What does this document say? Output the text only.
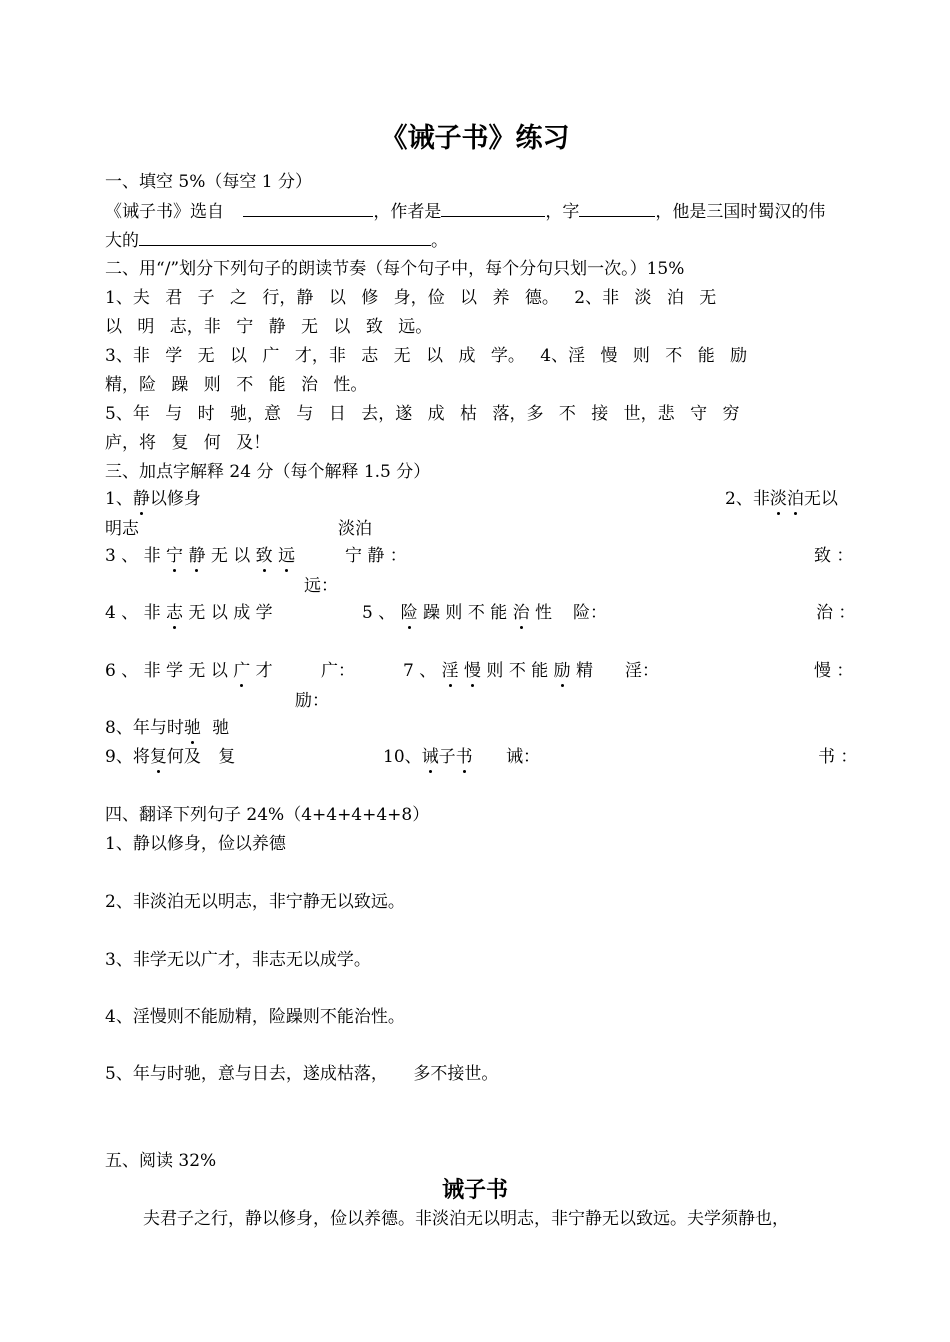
《诫子书》练习
一、填空 5%（每空 1 分）
《诫子书》选自	，作者是	，字	，他是三国时蜀汉的伟
大的	。
二、用“/”划分下列句子的朗读节奏（每个句子中，每个分句只划一次。）15%
1、夫 君 子 之 行，静 以 修 身，俭 以 养 德。 2、非 淡 泊 无
以 明 志，非 宁 静 无 以 致 远。
3、非 学 无 以 广 才，非 志 无 以 成 学。 4、淫 慢 则 不 能 励
精，险 躁 则 不 能 治 性。
5、年 与 时 驰，意 与 日 去，遂 成 枯 落，多 不 接 世，悲 守 穷
庐，将 复 何 及！
三、加点字解释 24 分（每个解释 1.5 分）
1、静以修身	2、非淡泊无以
明志	淡泊
3 、 非 宁 静 无 以 致 远	宁 静 ：	致 ：
远：
4 、 非 志 无 以 成 学	5 、 险 躁 则 不 能 治 性 险：	治 ：
6 、 非 学 无 以 广 才	广：	7 、 淫 慢 则 不 能 励 精 淫：	慢 ：
励：
8、年与时驰 驰
9、将复何及 复	10、诫子书 诫：	书 ：
四、翻译下列句子 24%（4+4+4+4+8）
1、静以修身，俭以养德
2、非淡泊无以明志，非宁静无以致远。
3、非学无以广才，非志无以成学。
4、淫慢则不能励精，险躁则不能治性。
5、年与时驰，意与日去，遂成枯落，　　多不接世。
五、阅读 32%
诫子书
夫君子之行，静以修身，俭以养德。非淡泊无以明志，非宁静无以致远。夫学须静也，
